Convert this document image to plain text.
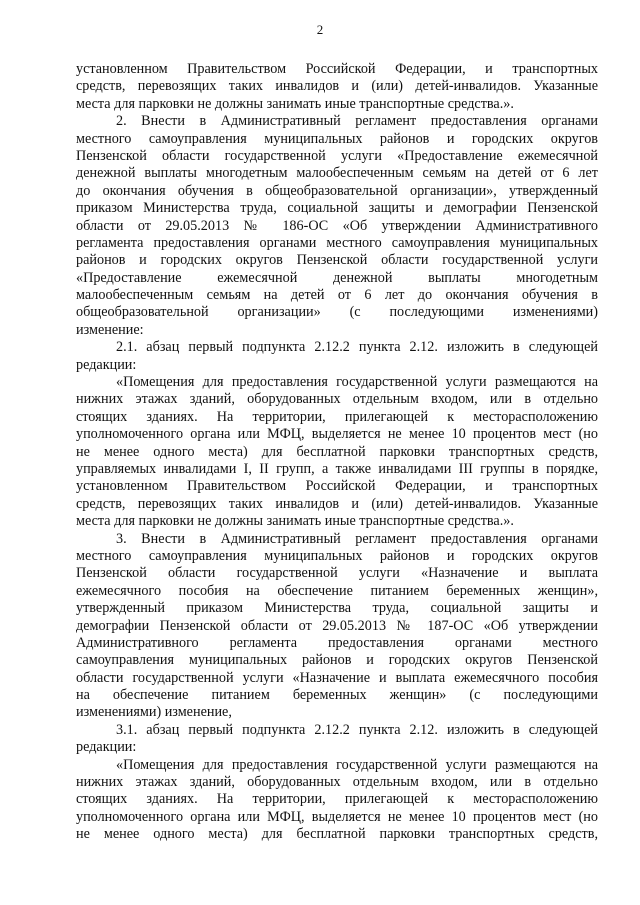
2
установленном Правительством Российской Федерации, и транспортных
средств, перевозящих таких инвалидов и (или) детей-инвалидов. Указанные
места для парковки не должны занимать иные транспортные средства.».
2. Внести в Административный регламент предоставления органами
местного самоуправления муниципальных районов и городских округов
Пензенской области государственной услуги «Предоставление ежемесячной
денежной выплаты многодетным малообеспеченным семьям на детей от 6 лет
до окончания обучения в общеобразовательной организации», утвержденный
приказом Министерства труда, социальной защиты и демографии Пензенской
области от 29.05.2013 № 186-ОС «Об утверждении Административного
регламента предоставления органами местного самоуправления муниципальных
районов и городских округов Пензенской области государственной услуги
«Предоставление ежемесячной денежной выплаты многодетным
малообеспеченным семьям на детей от 6 лет до окончания обучения в
общеобразовательной организации» (с последующими изменениями)
изменение:
2.1. абзац первый подпункта 2.12.2 пункта 2.12. изложить в следующей
редакции:
«Помещения для предоставления государственной услуги размещаются на
нижних этажах зданий, оборудованных отдельным входом, или в отдельно
стоящих зданиях. На территории, прилегающей к месторасположению
уполномоченного органа или МФЦ, выделяется не менее 10 процентов мест (но
не менее одного места) для бесплатной парковки транспортных средств,
управляемых инвалидами I, II групп, а также инвалидами III группы в порядке,
установленном Правительством Российской Федерации, и транспортных
средств, перевозящих таких инвалидов и (или) детей-инвалидов. Указанные
места для парковки не должны занимать иные транспортные средства.».
3. Внести в Административный регламент предоставления органами
местного самоуправления муниципальных районов и городских округов
Пензенской области государственной услуги «Назначение и выплата
ежемесячного пособия на обеспечение питанием беременных женщин»,
утвержденный приказом Министерства труда, социальной защиты и
демографии Пензенской области от 29.05.2013 № 187-ОС «Об утверждении
Административного регламента предоставления органами местного
самоуправления муниципальных районов и городских округов Пензенской
области государственной услуги «Назначение и выплата ежемесячного пособия
на обеспечение питанием беременных женщин» (с последующими
изменениями) изменение,
3.1. абзац первый подпункта 2.12.2 пункта 2.12. изложить в следующей
редакции:
«Помещения для предоставления государственной услуги размещаются на
нижних этажах зданий, оборудованных отдельным входом, или в отдельно
стоящих зданиях. На территории, прилегающей к месторасположению
уполномоченного органа или МФЦ, выделяется не менее 10 процентов мест (но
не менее одного места) для бесплатной парковки транспортных средств,
